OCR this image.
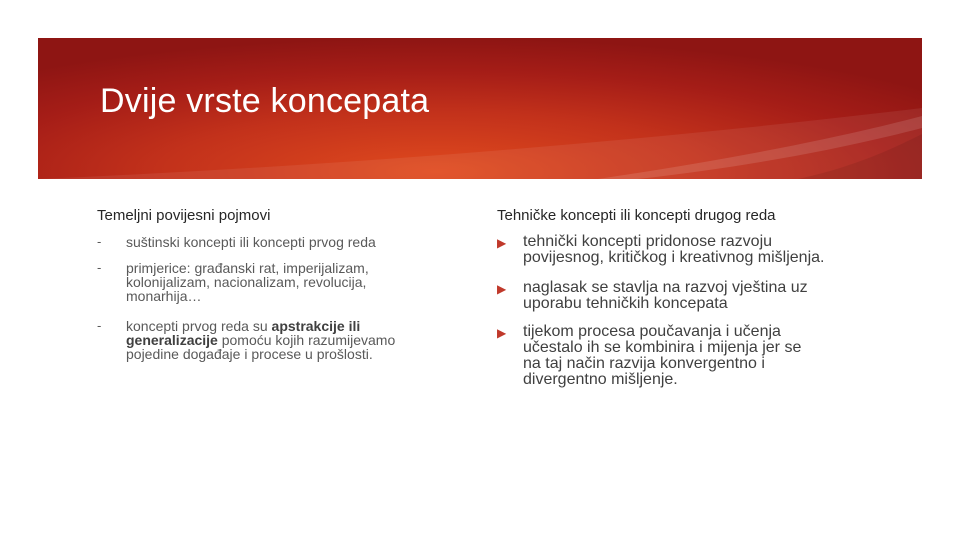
Dvije vrste koncepata
Temeljni povijesni pojmovi
- suštinski koncepti ili koncepti prvog reda
- primjerice: građanski rat, imperijalizam,
kolonijalizam, nacionalizam, revolucija,
monarhija…
- koncepti prvog reda su apstrakcije ili
generalizacije pomoću kojih razumijevamo
pojedine događaje i procese u prošlosti.
Tehničke koncepti ili koncepti drugog reda
▶ tehnički koncepti pridonose razvoju
povijesnog, kritičkog i kreativnog mišljenja.
▶ naglasak se stavlja na razvoj vještina uz
uporabu tehničkih koncepata
▶ tijekom procesa poučavanja i učenja
učestalo ih se kombinira i mijenja jer se
na taj način razvija konvergentno i
divergentno mišljenje.
